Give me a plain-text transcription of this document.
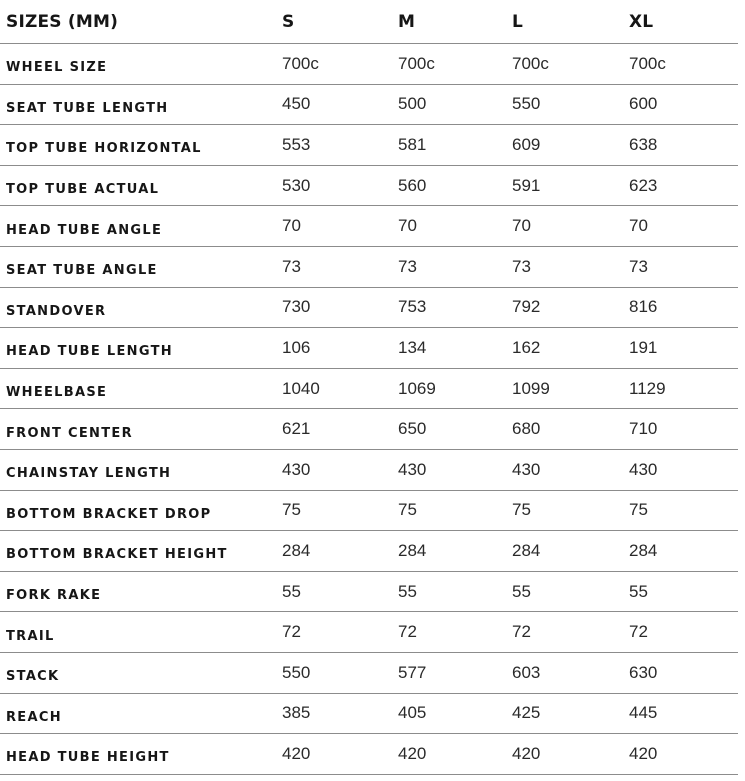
SIZES (MM)	S	M	L	XL
WHEEL SIZE	700c	700c	700c	700c
SEAT TUBE LENGTH	450	500	550	600
TOP TUBE HORIZONTAL	553	581	609	638
TOP TUBE ACTUAL	530	560	591	623
HEAD TUBE ANGLE	70	70	70	70
SEAT TUBE ANGLE	73	73	73	73
STANDOVER	730	753	792	816
HEAD TUBE LENGTH	106	134	162	191
WHEELBASE	1040	1069	1099	1129
FRONT CENTER	621	650	680	710
CHAINSTAY LENGTH	430	430	430	430
BOTTOM BRACKET DROP	75	75	75	75
BOTTOM BRACKET HEIGHT	284	284	284	284
FORK RAKE	55	55	55	55
TRAIL	72	72	72	72
STACK	550	577	603	630
REACH	385	405	425	445
HEAD TUBE HEIGHT	420	420	420	420
